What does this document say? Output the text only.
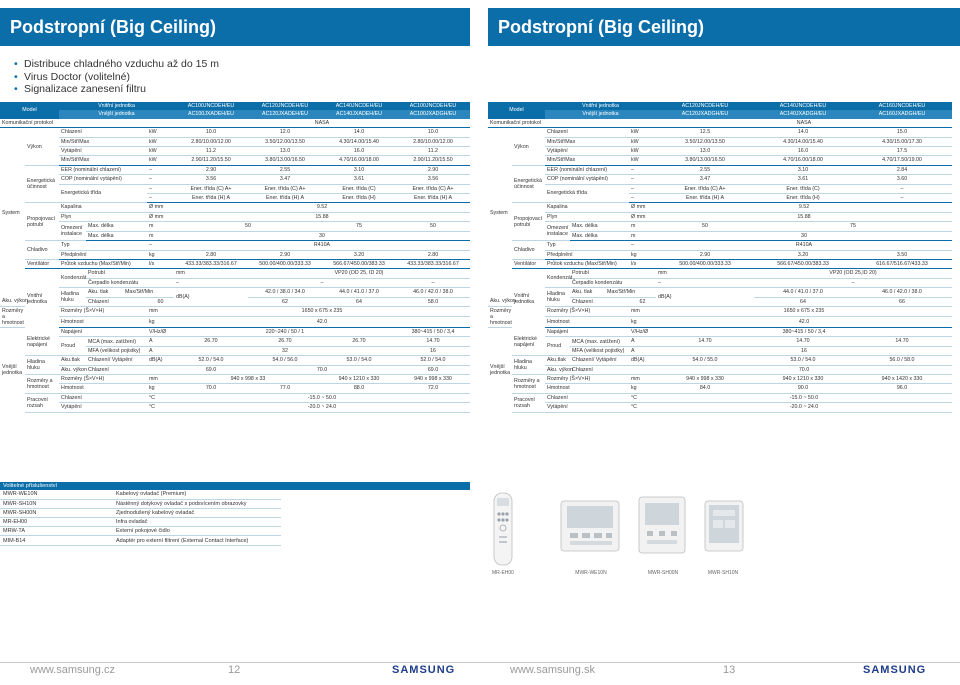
Podstropní (Big Ceiling)
• Distribuce chladného vzduchu až do 15 m
• Virus Doctor (volitelné)
• Signalizace zanesení filtru
Model		Vnitřní jednotka				AC100JNCDEH/EU	AC120JNCDEH/EU	AC140JNCDEH/EU	AC100JNCDEH/EU	
		Vnější jednotka				AC100JXADEH/EU	AC120JXADEH/EU	AC140JXADEH/EU	AC100JXADGH/EU	
Komunikační protokol						NASA				
System	Výkon	Chlazení			kW	10.0	12.0	14.0	10.0	
		Min/Stř/Max			kW	2.80/10.00/12.00	3.50/12.00/13.50	4.30/14.00/15.40	2.80/10.00/12.00	
		Vytápění			kW	11.2	13.0	16.0	11.2	
		Min/Stř/Max			kW	2.90/11.20/15.50	3.80/13.00/16.50	4.70/16.00/18.00	2.90/11.20/15.50	
	Energetická účinnost	EER (nominální chlazení)			–	2.90	2.55	3.10	2.90	
		COP (nominální vytápění)			–	3.56	3.47	3.61	3.56	
		Energetická třída			–	Ener. třída (C) A+	Ener. třída (C) A+	Ener. třída (C)	Ener. třída (C) A+	
					–	Ener. třída (H) A	Ener. třída (H) A	Ener. třída (H)	Ener. třída (H) A	
	Propojovací potrubí	Kapalina			Ø mm	9.52				
		Plyn			Ø mm	15.88				
		Omezení instalace	Max. délka		m	50		75	50	
			Max. délka		m	30				
	Chladivo	Typ			–	R410A				
		Předplnění			kg	2.80	2.90	3.20	2.80	
	Ventilátor	Průtok vzduchu (Max/Stř/Min)			l/s	433.33/383.33/316.67	500.00/400.00/333.33	566.67/450.00/383.33	433.33/383.33/316.67	
	Vnitřní jednotka	Kondenzát	Potrubí			mm	VP20 (OD 25, ID 20)			
			Čerpadlo kondenzátu			–	–		–	
		Hladina hluku	Aku. tlak	Max/Stř/Min		dB(A)	42.0 / 38.0 / 34.0	44.0 / 41.0 / 37.0	46.0 / 42.0 / 38.0	
Aku. výkon			Chlazení		60		62	64	58.0	
Rozměry a hmotnost		Rozměry (Š×V×H)			mm	1650 x 675 x 235				
		Hmotnost			kg	42.0				

Vnější jednotka	Elektrické napájení	Napájení			V/Hz/Ø	220~240 / 50 / 1			380~415 / 50 / 3,4	
		Proud	MCA (max. zatížení)		A	26.70	26.70	26.70	14.70	
			MFA (velikost pojistky)		A	32			16	
	Hladina hluku	Aku.tlak	Chlazení/ Vytápění		dB(A)	52.0 / 54.0	54.0 / 56.0	53.0 / 54.0	52.0 / 54.0	
		Aku. výkon	Chlazení			69.0	70.0		69.0	
	Rozměry a hmotnost	Rozměry (Š×V×H)			mm	940 x 998 x 33		940 x 1210 x 330	940 x 998 x 330	
		Hmotnost			kg	70.0	77.0	88.0	72.0	
	Pracovní rozsah	Chlazení			°C	-15.0 ~ 50.0				
		Vytápění			°C	-20.0 ~ 24.0				
Volitelné příslušenství
MWR-WE10N	Kabelový ovladač (Premium)
MWR-SH10N	Nástěnný dotykový ovladač s podsvícením obrazovky
MWR-SH00N	Zjednodušený kabelový ovladač
MR-EH00	Infra ovladač
MRW-TA	Externí pokojové čidlo
MIM-B14	Adaptér pro externí filtrení (External Contact Interface)
www.samsung.cz	12	SAMSUNG
Podstropní (Big Ceiling)
Model		Vnitřní jednotka				AC120JNCDEH/EU	AC140JNCDEH/EU	AC160JNCDEH/EU	
		Vnější jednotka				AC120JXADGH/EU	AC140JXADGH/EU	AC160JXADGH/EU	
Komunikační protokol						NASA			
System	Výkon	Chlazení			kW	12.5	14.0	15.0	
		Min/Stř/Max			kW	3.50/12.00/13.50	4.30/14.00/15.40	4.30/15.00/17.30	
		Vytápění			kW	13.0	16.0	17.5	
		Min/Stř/Max			kW	3.80/13.00/16.50	4.70/16.00/18.00	4.70/17.50/19.00	
	Energetická účinnost	EER (nominální chlazení)			–	2.55	3.10	2.84	
		COP (nominální vytápění)			–	3.47	3.61	3.60	
		Energetická třída			–	Ener. třída (C) A+	Ener. třída (C)	–	
					–	Ener. třída (H) A	Ener. třída (H)	–	
	Propojovací potrubí	Kapalina			Ø mm	9.52			
		Plyn			Ø mm	15.88			
		Omezení instalace	Max. délka		m	50	75		
			Max. délka		m	30			
	Chladivo	Typ			–	R410A			
		Předplnění			kg	2.90	3.20	3.50	
	Ventilátor	Průtok vzduchu (Max/Stř/Min)			l/s	500.00/400.00/333.33	566.67/450.00/383.33	616.67/516.67/433.33	
	Vnitřní jednotka	Kondenzát	Potrubí			mm	VP20 (OD 25,ID 20)		
			Čerpadlo kondenzátu			–	–		
		Hladina hluku	Aku. tlak	Max/Stř/Min		dB(A)	44.0 / 41.0 / 37.0	46.0 / 42.0 / 38.0	
Aku. výkon			Chlazení		62		64	66	
Rozměry a hmotnost		Rozměry (Š×V×H)			mm	1650 x 675 x 235			
		Hmotnost			kg	42.0			

Vnější jednotka	Elektrické napájení	Napájení			V/Hz/Ø	380~415 / 50 / 3,4			
		Proud	MCA (max. zatížení)		A	14.70	14.70	14.70	
			MFA (velikost pojistky)		A	16			
	Hladina hluku	Aku.tlak	Chlazení/ Vytápění		dB(A)	54.0 / 55.0	53.0 / 54.0	56.0 / 58.0	
		Aku. výkon	Chlazení			70.0			
	Rozměry a hmotnost	Rozměry (Š×V×H)			mm	940 x 998 x 330	940 x 1210 x 330	940 x 1420 x 330	
		Hmotnost			kg	84.0	90.0	96.0	
	Pracovní rozsah	Chlazení			°C	-15.0 ~ 50.0			
		Vytápění			°C	-20.0 ~ 24.0			
MR-EH00	MWR-WE10N	MWR-SH00N	MWR-SH10N
www.samsung.sk	13	SAMSUNG
